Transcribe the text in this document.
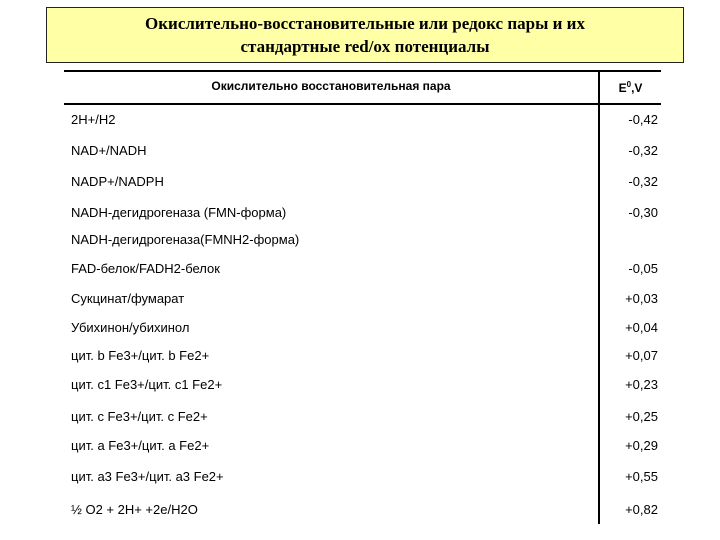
Окислительно-восстановительные или редокс пары и их
стандартные red/ox потенциалы
Окислительно восстановительная пара	$E^0,V$
2H+/H2	-0,42
NAD+/NADH	-0,32
NADP+/NADPH	-0,32
NADH-дегидрогеназа (FMN-форма)	-0,30
NADH-дегидрогеназа(FMNH2-форма)
FAD-белок/FADH2-белок	-0,05
Сукцинат/фумарат	+0,03
Убихинон/убихинол	+0,04
цит. b Fe3+/цит. b Fe2+	+0,07
цит. c1 Fe3+/цит. c1 Fe2+	+0,23
цит. с Fe3+/цит. с Fe2+	+0,25
цит. a Fe3+/цит. a Fe2+	+0,29
цит. a3 Fe3+/цит. a3 Fe2+	+0,55
½ O2 + 2H+ +2e/H2O	+0,82
